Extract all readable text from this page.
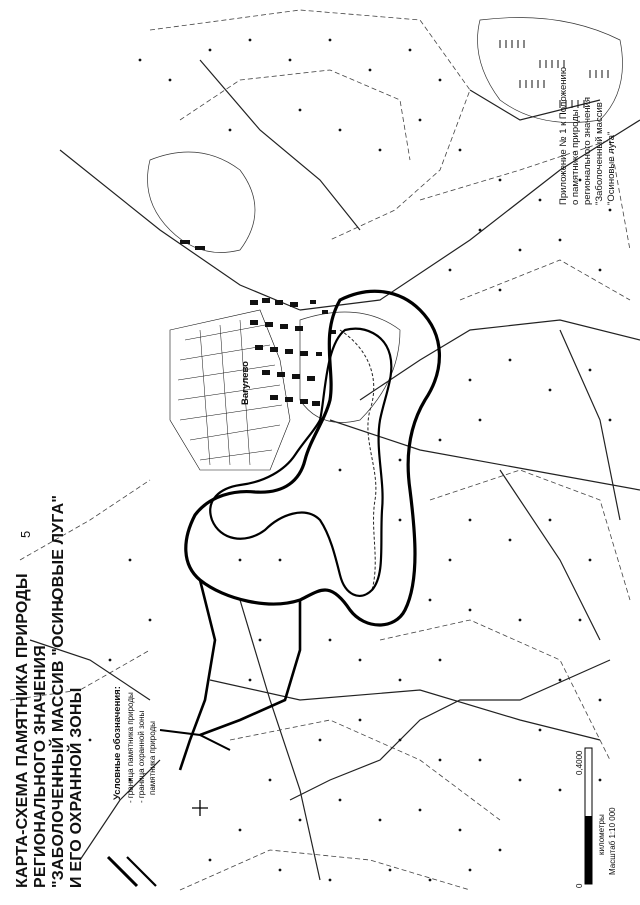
КАРТА-СХЕМА ПАМЯТНИКА ПРИРОДЫ РЕГИОНАЛЬНОГО ЗНАЧЕНИЯ "ЗАБОЛОЧЕННЫЙ МАССИВ "ОСИНОВЫЕ ЛУГА" И ЕГО ОХРАННОЙ ЗОНЫ
5
Условные обозначения: - граница памятника природы - граница охранной зоны памятника природы
Вагулево
Приложение № 1 к Положению о памятнике природы регионального значения "Заболоченный массив "Осиновые луга"
0
0,4000
километры Масштаб 1:10 000
